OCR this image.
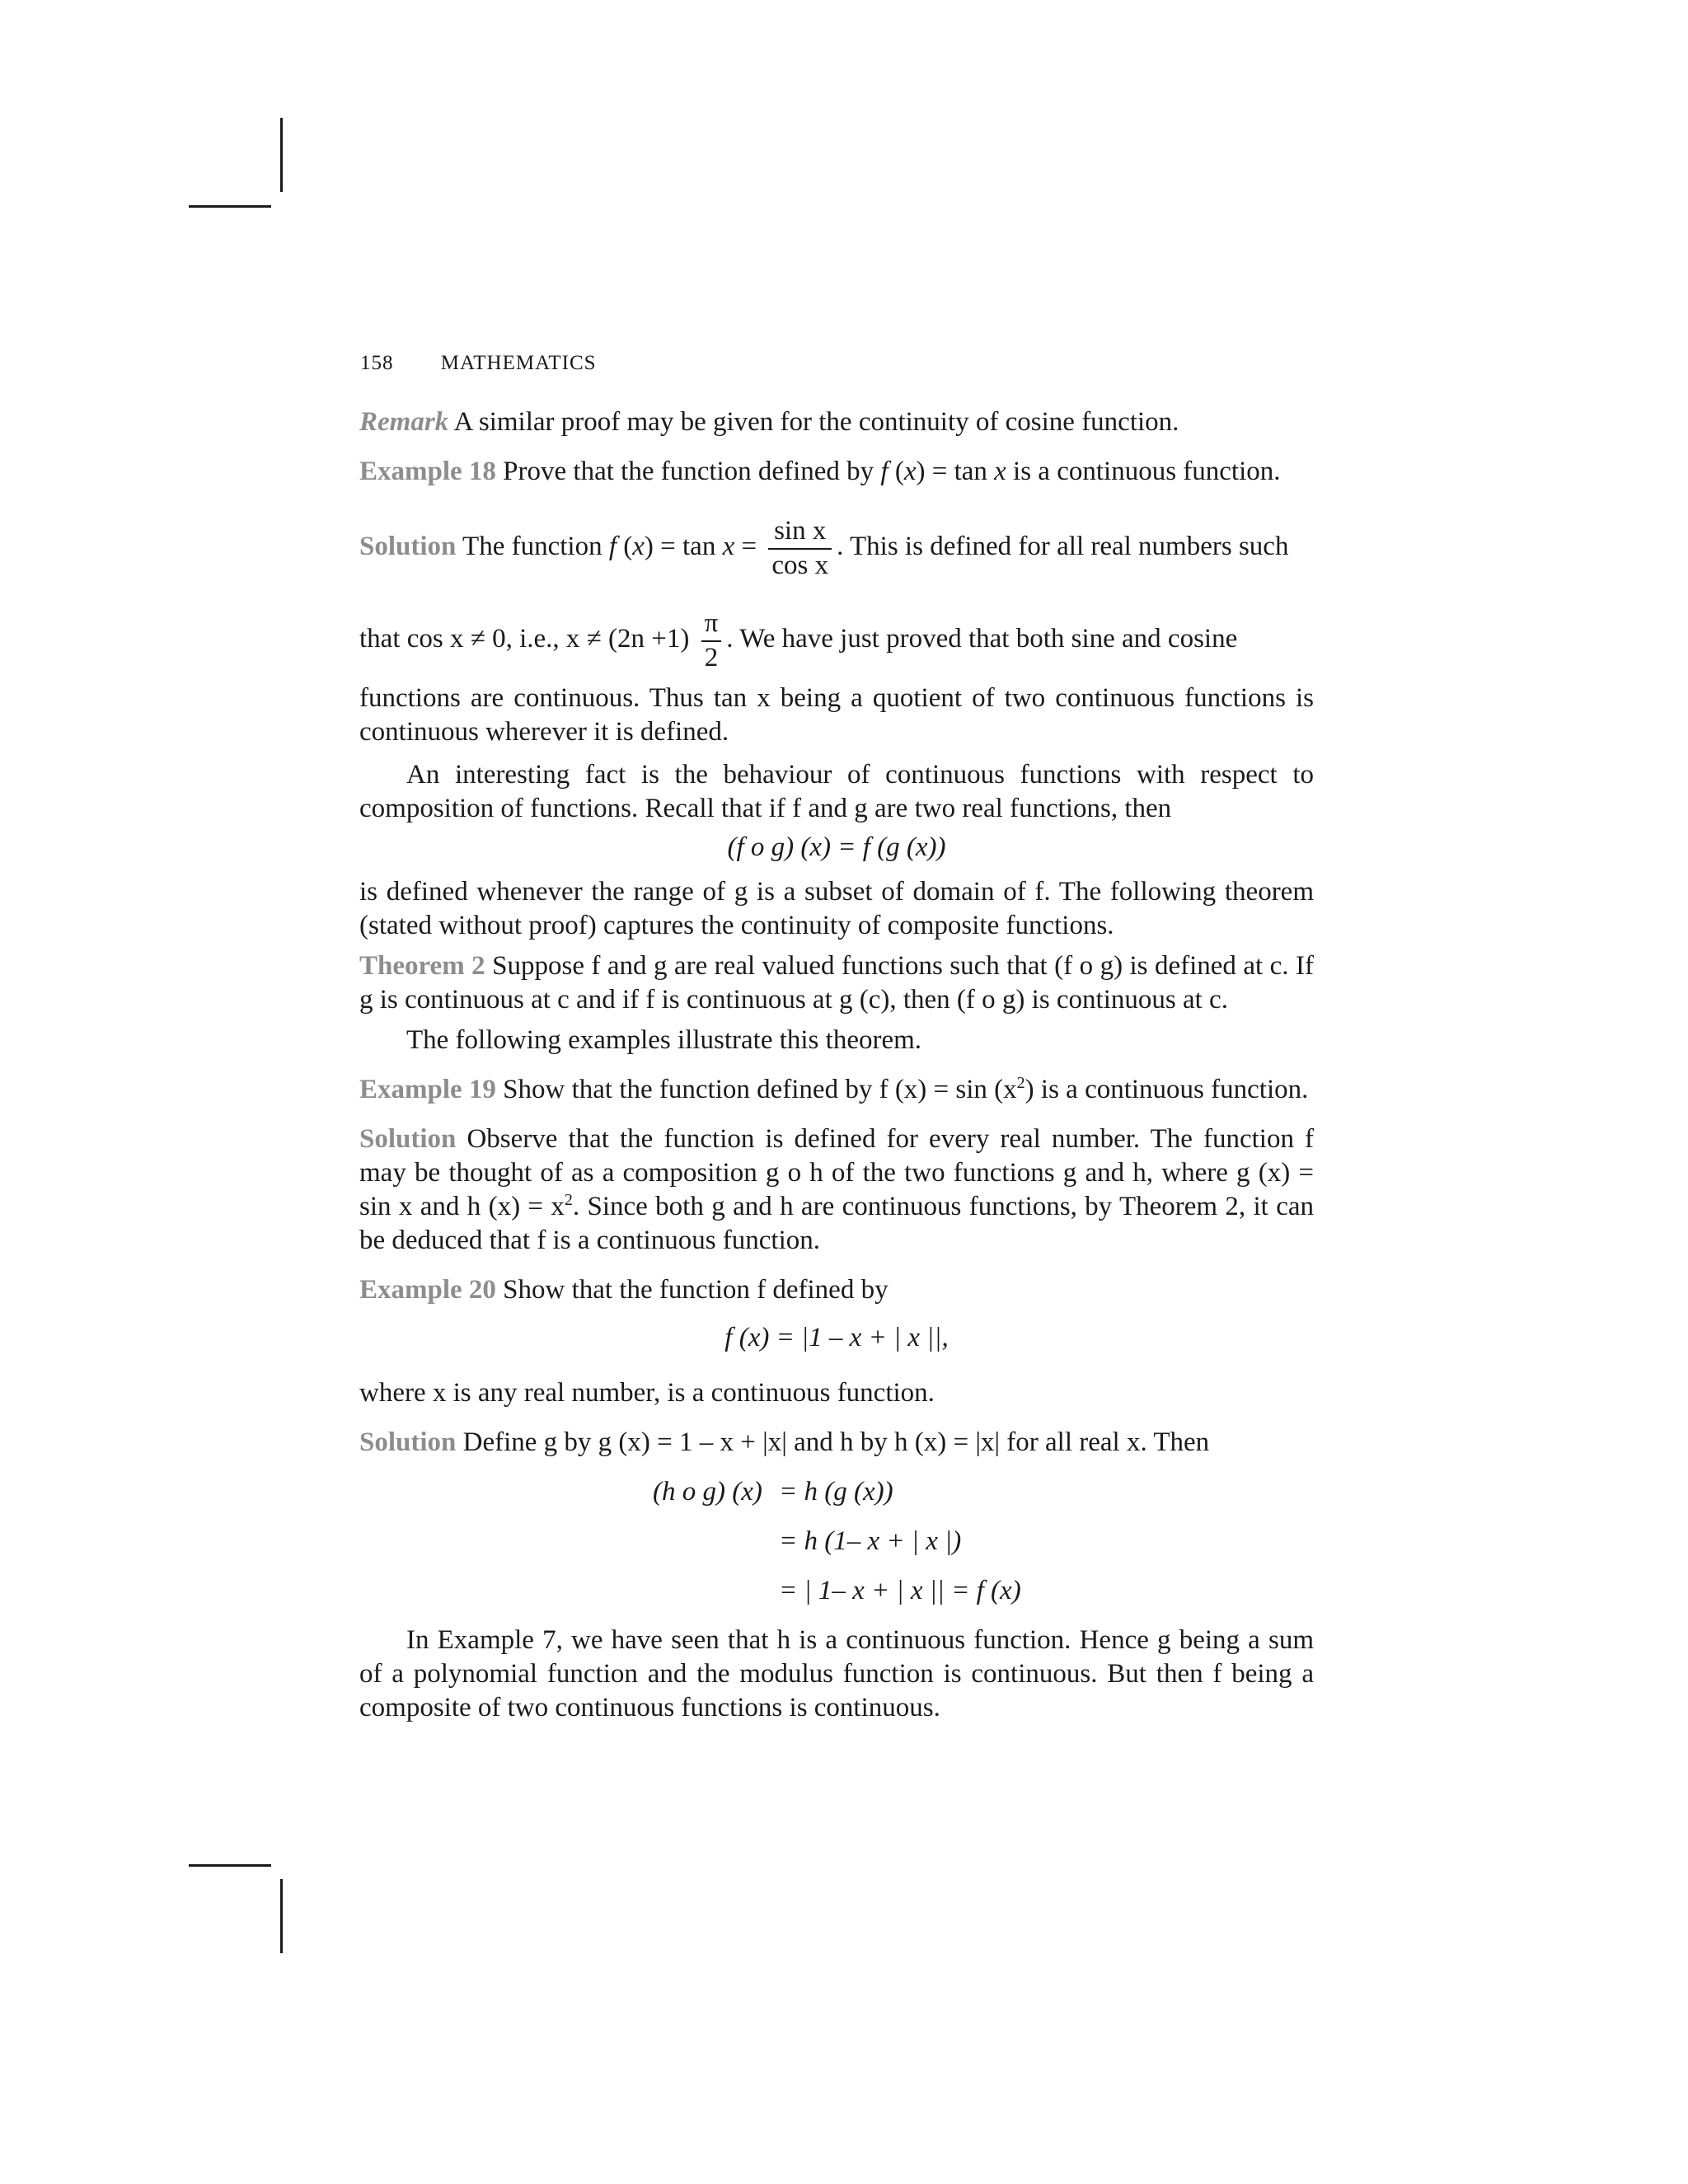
158 MATHEMATICS
Remark A similar proof may be given for the continuity of cosine function.
Example 18 Prove that the function defined by f (x) = tan x is a continuous function.
Solution The function f $(x) = \tan x = \frac{\text{sin x}}{\text{cos x}}$ . This is defined for all real numbers such
that cos x ≠ 0, i.e., $x \ne (2n +1) \frac{\pi}{2}$ . We have just proved that both sine and cosine
functions are continuous. Thus tan x being a quotient of two continuous functions is continuous wherever it is defined.
An interesting fact is the behaviour of continuous functions with respect to composition of functions. Recall that if f and g are two real functions, then
(f o g) (x) = f (g (x))
is defined whenever the range of g is a subset of domain of f. The following theorem (stated without proof) captures the continuity of composite functions.
Theorem 2 Suppose f and g are real valued functions such that (f o g) is defined at c. If g is continuous at c and if f is continuous at g (c), then (f o g) is continuous at c.
The following examples illustrate this theorem.
Example 19 Show that the function defined by f $(x) = \sin (x^2)$ is a continuous function.
Solution Observe that the function is defined for every real number. The function f may be thought of as a composition g o h of the two functions g and h, where g (x) = sin x and h $(x) = x^2$. Since both g and h are continuous functions, by Theorem 2, it can be deduced that f is a continuous function.
Example 20 Show that the function f defined by
f (x) = |1 – x + | x ||,
where x is any real number, is a continuous function.
Solution Define g by g (x) = 1 – x + |x| and h by h (x) = |x| for all real x. Then
(h o g) (x) = h (g (x))
= h (1– x + | x |)
= | 1– x + | x || = f (x)
In Example 7, we have seen that h is a continuous function. Hence g being a sum of a polynomial function and the modulus function is continuous. But then f being a composite of two continuous functions is continuous.
